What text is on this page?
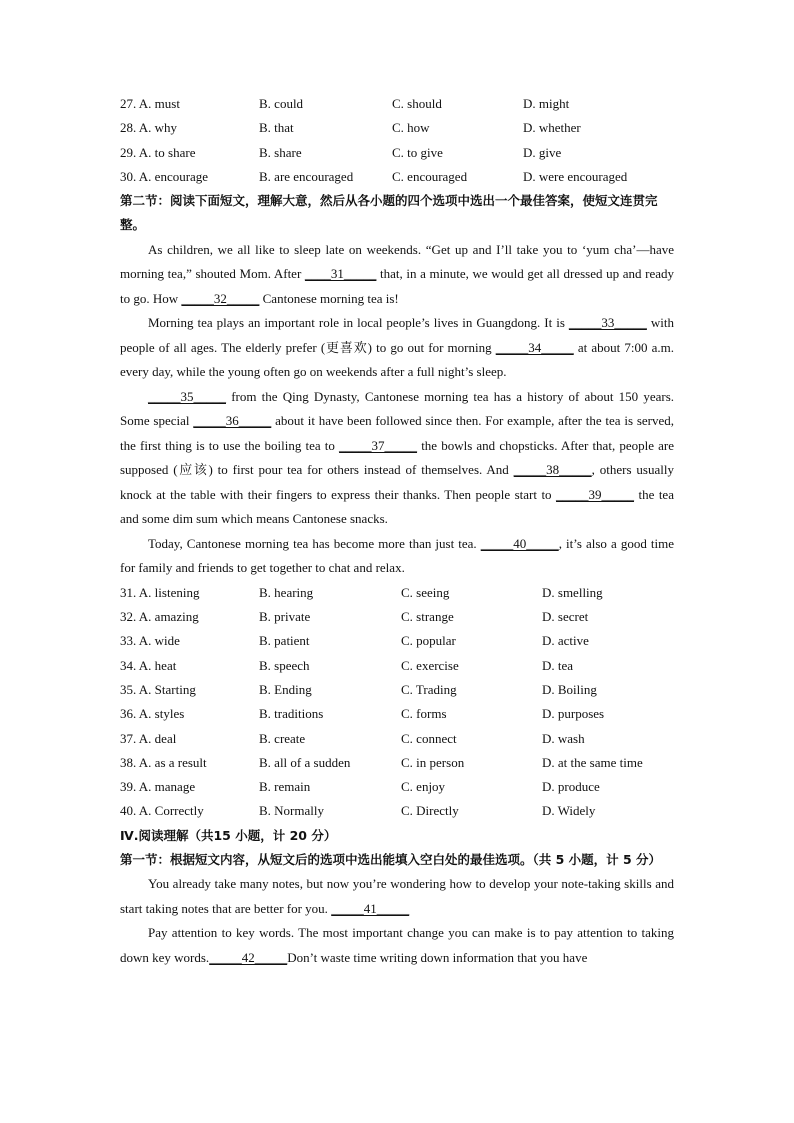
27. A. must	B. could	C. should	D. might
28. A. why	B. that	C. how	D. whether
29. A. to share	B. share	C. to give	D. give
30. A. encourage	B. are encouraged	C. encouraged	D. were encouraged
第二节：阅读下面短文，理解大意，然后从各小题的四个选项中选出一个最佳答案，使短文连贯完整。

As children, we all like to sleep late on weekends. “Get up and I’ll take you to ‘yum cha’—have morning tea,” shouted Mom. After ____31_____ that, in a minute, we would get all dressed up and ready to go. How _____32_____ Cantonese morning tea is!

Morning tea plays an important role in local people’s lives in Guangdong. It is _____33_____ with people of all ages. The elderly prefer (更喜欢) to go out for morning _____34_____ at about 7:00 a.m. every day, while the young often go on weekends after a full night’s sleep.

_____35_____ from the Qing Dynasty, Cantonese morning tea has a history of about 150 years. Some special _____36_____ about it have been followed since then. For example, after the tea is served, the first thing is to use the boiling tea to _____37_____ the bowls and chopsticks. After that, people are supposed (应该) to first pour tea for others instead of themselves. And _____38_____, others usually knock at the table with their fingers to express their thanks. Then people start to _____39_____ the tea and some dim sum which means Cantonese snacks.

Today, Cantonese morning tea has become more than just tea. _____40_____, it’s also a good time for family and friends to get together to chat and relax.

31. A. listening	B. hearing	C. seeing	D. smelling
32. A. amazing	B. private	C. strange	D. secret
33. A. wide	B. patient	C. popular	D. active
34. A. heat	B. speech	C. exercise	D. tea
35. A. Starting	B. Ending	C. Trading	D. Boiling
36. A. styles	B. traditions	C. forms	D. purposes
37. A. deal	B. create	C. connect	D. wash
38. A. as a result	B. all of a sudden	C. in person	D. at the same time
39. A. manage	B. remain	C. enjoy	D. produce
40. A. Correctly	B. Normally	C. Directly	D. Widely
Ⅳ.阅读理解（共15 小题，计 20 分）
第一节：根据短文内容，从短文后的选项中选出能填入空白处的最佳选项。（共 5 小题，计 5 分）

You already take many notes, but now you’re wondering how to develop your note-taking skills and start taking notes that are better for you. _____41_____

Pay attention to key words. The most important change you can make is to pay attention to taking down key words._____42_____Don’t waste time writing down information that you have
